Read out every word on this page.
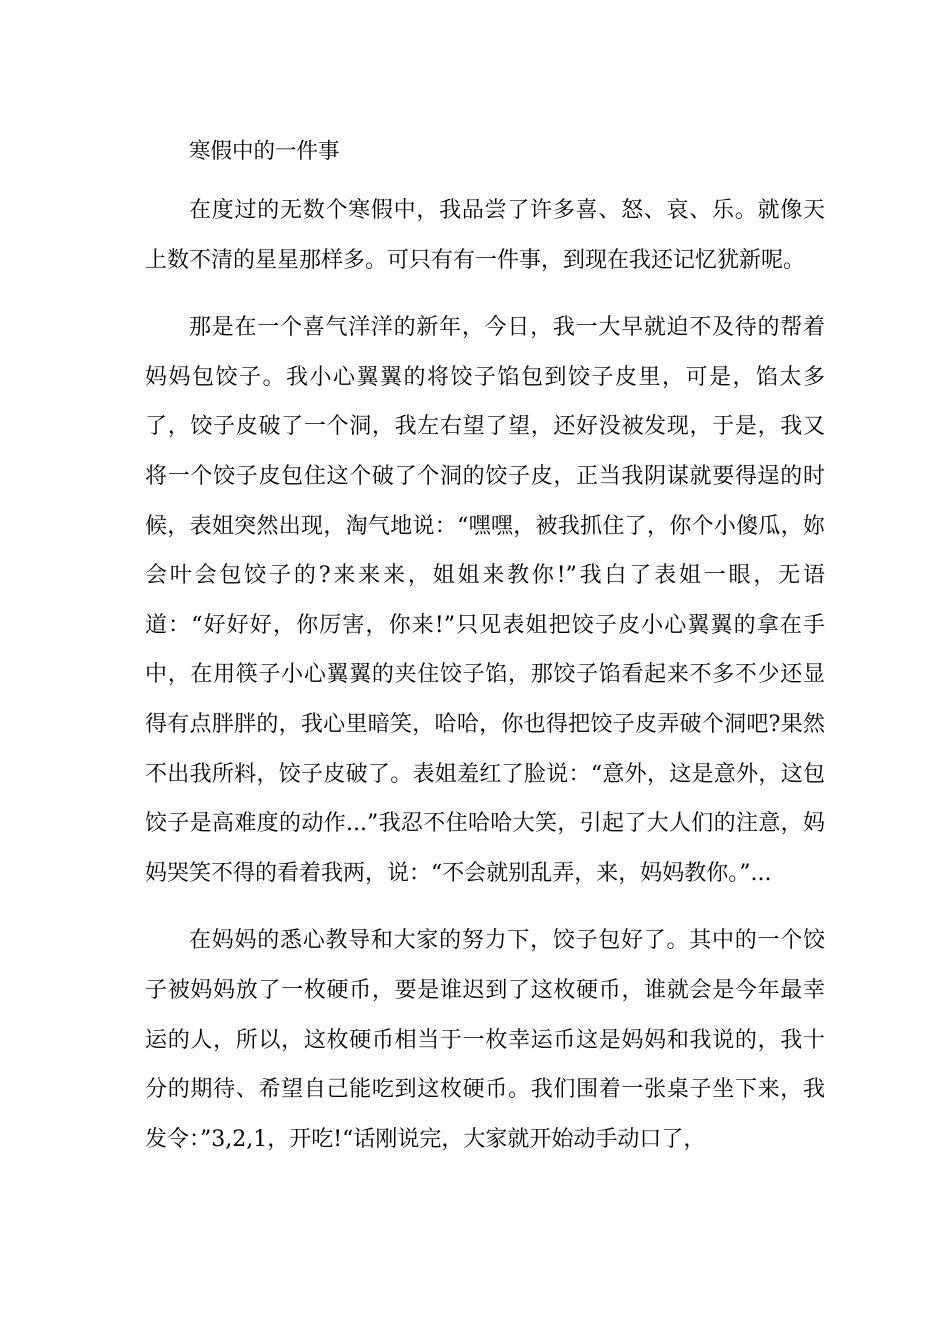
寒假中的一件事

在度过的无数个寒假中，我品尝了许多喜、怒、哀、乐。就像天上数不清的星星那样多。可只有有一件事，到现在我还记忆犹新呢。

那是在一个喜气洋洋的新年，今日，我一大早就迫不及待的帮着妈妈包饺子。我小心翼翼的将饺子馅包到饺子皮里，可是，馅太多了，饺子皮破了一个洞，我左右望了望，还好没被发现，于是，我又将一个饺子皮包住这个破了个洞的饺子皮，正当我阴谋就要得逞的时候，表姐突然出现，淘气地说：“嘿嘿，被我抓住了，你个小傻瓜，妳会叶会包饺子的?来来来，姐姐来教你!”我白了表姐一眼，无语道：“好好好，你厉害，你来!”只见表姐把饺子皮小心翼翼的拿在手中，在用筷子小心翼翼的夹住饺子馅，那饺子馅看起来不多不少还显得有点胖胖的，我心里暗笑，哈哈，你也得把饺子皮弄破个洞吧?果然不出我所料，饺子皮破了。表姐羞红了脸说：“意外，这是意外，这包饺子是高难度的动作...”我忍不住哈哈大笑，引起了大人们的注意，妈妈哭笑不得的看着我两，说：“不会就别乱弄，来，妈妈教你。”...

在妈妈的悉心教导和大家的努力下，饺子包好了。其中的一个饺子被妈妈放了一枚硬币，要是谁迟到了这枚硬币，谁就会是今年最幸运的人，所以，这枚硬币相当于一枚幸运币这是妈妈和我说的，我十分的期待、希望自己能吃到这枚硬币。我们围着一张桌子坐下来，我发令：”3,2,1，开吃!“话刚说完，大家就开始动手动口了，
